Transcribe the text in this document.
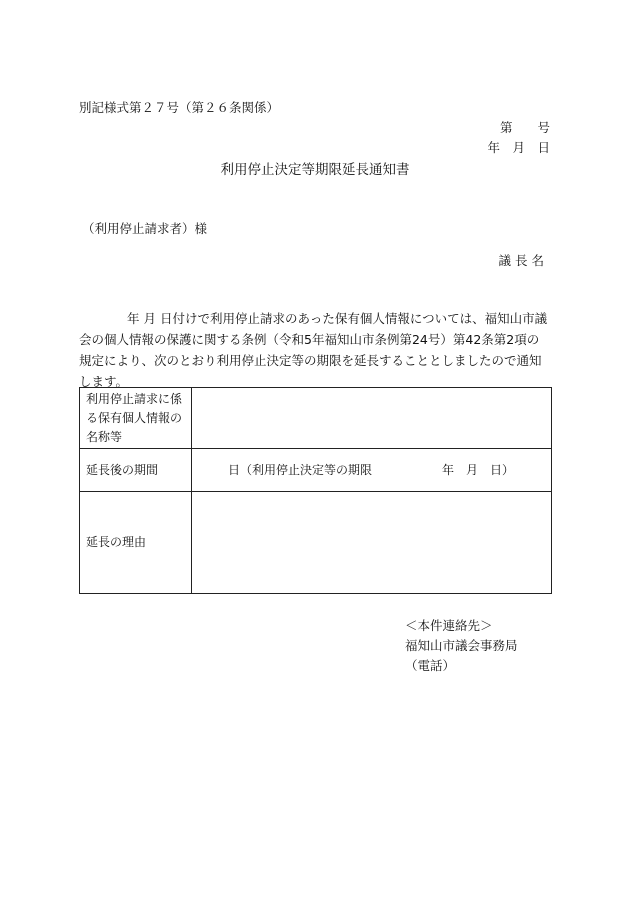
別記様式第２７号（第２６条関係）
第　　号
年　月　日
利用停止決定等期限延長通知書
（利用停止請求者）様
議 長 名
年 月 日付けで利用停止請求のあった保有個人情報については、福知山市議会の個人情報の保護に関する条例（令和5年福知山市条例第24号）第42条第2項の規定により、次のとおり利用停止決定等の期限を延長することとしましたので通知します。
利用停止請求に係る保有個人情報の名称等	
延長後の期間	日（利用停止決定等の期限 年　月　日）
延長の理由	
＜本件連絡先＞
福知山市議会事務局
（電話）
